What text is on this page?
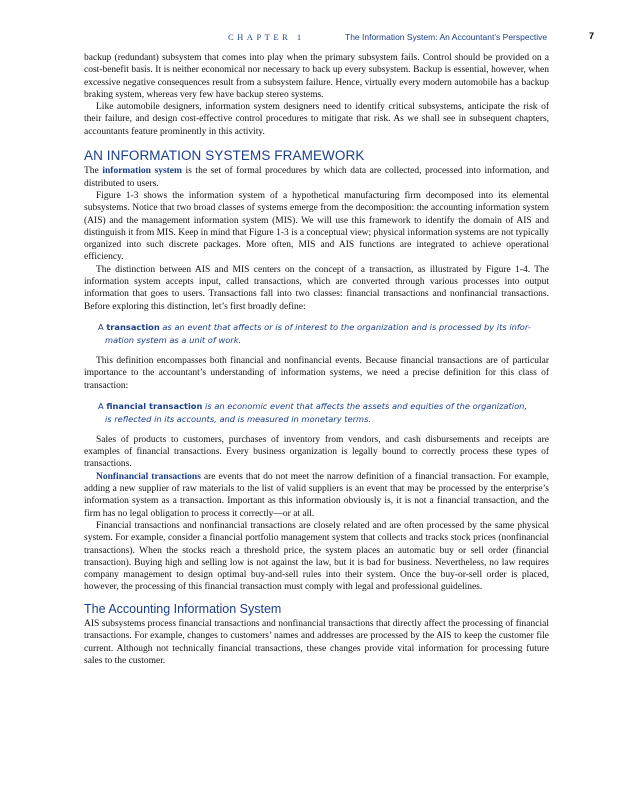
CHAPTER 1	The Information System: An Accountant’s Perspective	7

backup (redundant) subsystem that comes into play when the primary subsystem fails. Control should be provided on a cost-benefit basis. It is neither economical nor necessary to back up every subsystem. Backup is essential, however, when excessive negative consequences result from a subsystem failure. Hence, virtually every modern automobile has a backup braking system, whereas very few have backup stereo systems.

Like automobile designers, information system designers need to identify critical subsystems, anticipate the risk of their failure, and design cost-effective control procedures to mitigate that risk. As we shall see in subsequent chapters, accountants feature prominently in this activity.

AN INFORMATION SYSTEMS FRAMEWORK

The information system is the set of formal procedures by which data are collected, processed into information, and distributed to users.

Figure 1-3 shows the information system of a hypothetical manufacturing firm decomposed into its elemental subsystems. Notice that two broad classes of systems emerge from the decomposition: the accounting information system (AIS) and the management information system (MIS). We will use this framework to identify the domain of AIS and distinguish it from MIS. Keep in mind that Figure 1-3 is a conceptual view; physical information systems are not typically organized into such discrete packages. More often, MIS and AIS functions are integrated to achieve operational efficiency.

The distinction between AIS and MIS centers on the concept of a transaction, as illustrated by Figure 1-4. The information system accepts input, called transactions, which are converted through various processes into output information that goes to users. Transactions fall into two classes: financial transactions and nonfinancial transactions. Before exploring this distinction, let’s first broadly define:

A transaction as an event that affects or is of interest to the organization and is processed by its infor-
mation system as a unit of work.

This definition encompasses both financial and nonfinancial events. Because financial transactions are of particular importance to the accountant’s understanding of information systems, we need a precise definition for this class of transaction:

A financial transaction is an economic event that affects the assets and equities of the organization,
is reflected in its accounts, and is measured in monetary terms.

Sales of products to customers, purchases of inventory from vendors, and cash disbursements and receipts are examples of financial transactions. Every business organization is legally bound to correctly process these types of transactions.

Nonfinancial transactions are events that do not meet the narrow definition of a financial transaction. For example, adding a new supplier of raw materials to the list of valid suppliers is an event that may be processed by the enterprise’s information system as a transaction. Important as this information obviously is, it is not a financial transaction, and the firm has no legal obligation to process it correctly—or at all.

Financial transactions and nonfinancial transactions are closely related and are often processed by the same physical system. For example, consider a financial portfolio management system that collects and tracks stock prices (nonfinancial transactions). When the stocks reach a threshold price, the system places an automatic buy or sell order (financial transaction). Buying high and selling low is not against the law, but it is bad for business. Nevertheless, no law requires company management to design optimal buy-and-sell rules into their system. Once the buy-or-sell order is placed, however, the processing of this financial transaction must comply with legal and professional guidelines.

The Accounting Information System

AIS subsystems process financial transactions and nonfinancial transactions that directly affect the processing of financial transactions. For example, changes to customers’ names and addresses are processed by the AIS to keep the customer file current. Although not technically financial transactions, these changes provide vital information for processing future sales to the customer.
